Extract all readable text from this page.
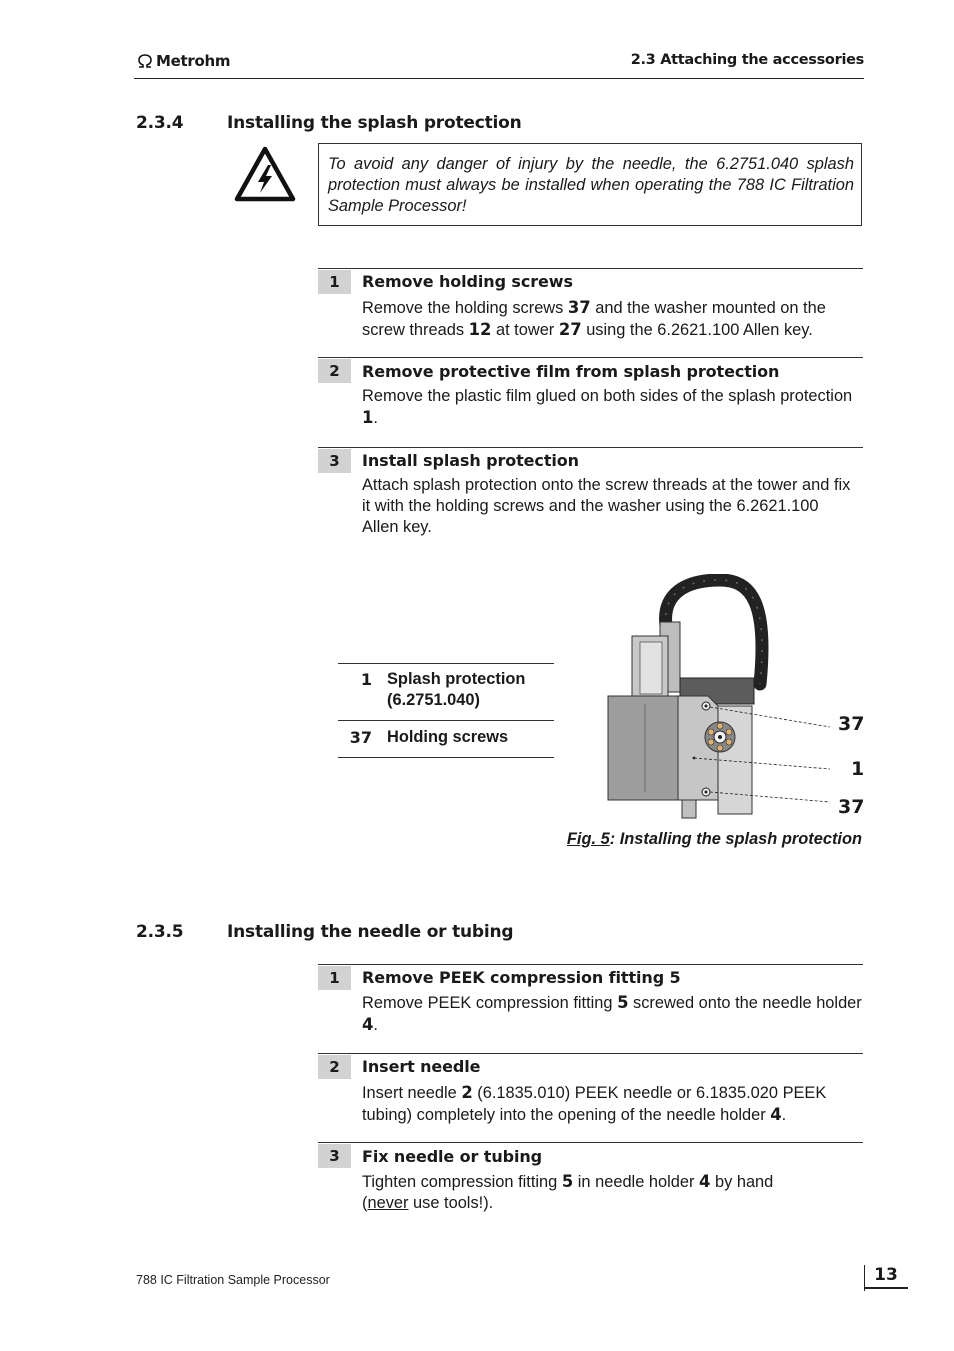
Metrohm	2.3 Attaching the accessories
2.3.4	Installing the splash protection
To avoid any danger of injury by the needle, the 6.2751.040 splash protection must always be installed when operating the 788 IC Filtration Sample Processor!
1	Remove holding screws
Remove the holding screws 37 and the washer mounted on the screw threads 12 at tower 27 using the 6.2621.100 Allen key.
2	Remove protective film from splash protection
Remove the plastic film glued on both sides of the splash protection 1.
3	Install splash protection
Attach splash protection onto the screw threads at the tower and fix it with the holding screws and the washer using the 6.2621.100 Allen key.
1 Splash protection
(6.2751.040)
37 Holding screws
37
1
37
Fig. 5: Installing the splash protection
2.3.5	Installing the needle or tubing
1	Remove PEEK compression fitting 5
Remove PEEK compression fitting 5 screwed onto the needle holder 4.
2	Insert needle
Insert needle 2 (6.1835.010) PEEK needle or 6.1835.020 PEEK tubing) completely into the opening of the needle holder 4.
3	Fix needle or tubing
Tighten compression fitting 5 in needle holder 4 by hand (never use tools!).
788 IC Filtration Sample Processor	13
